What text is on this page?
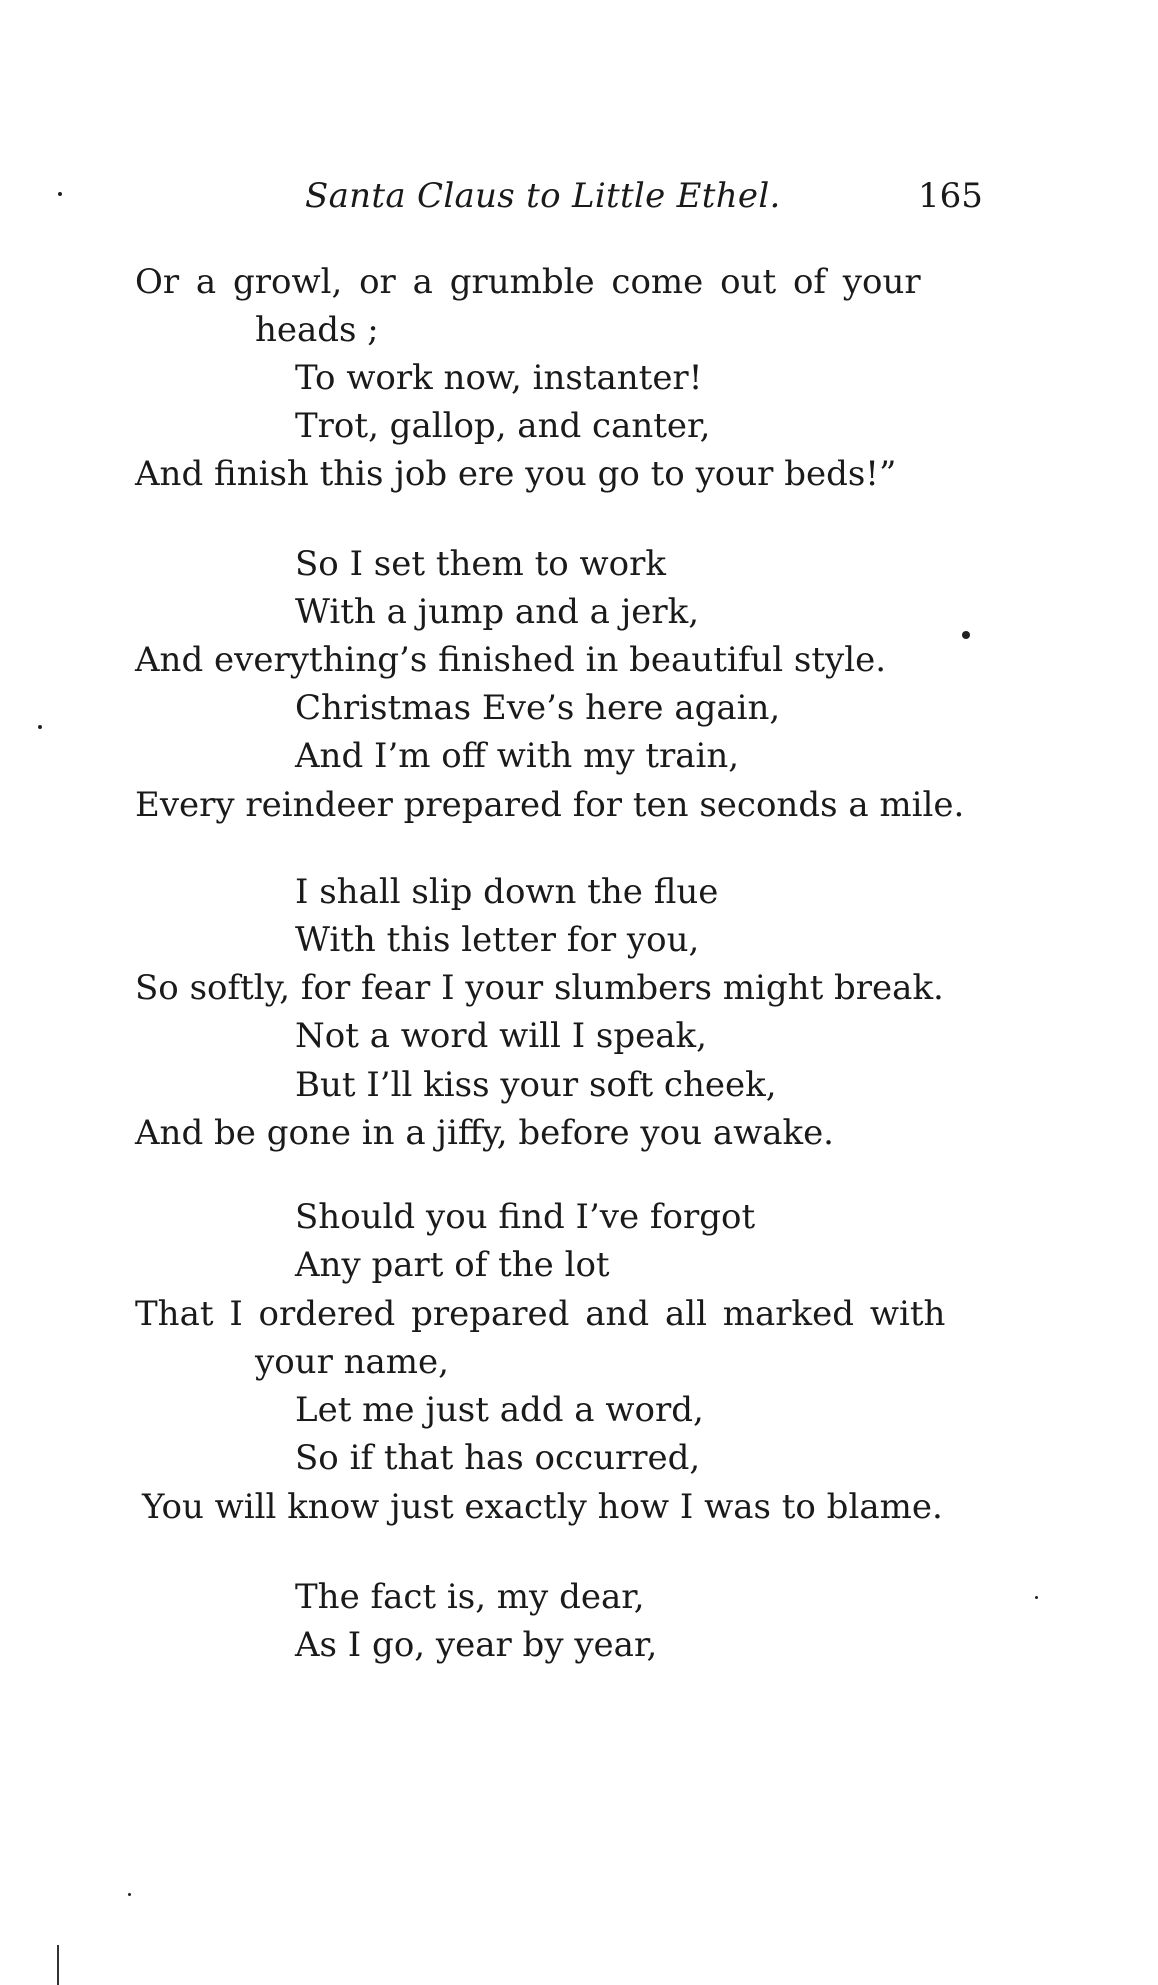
Santa Claus to Little Ethel.	165
Or a growl, or a grumble come out of your
heads ;
To work now, instanter!
Trot, gallop, and canter,
And finish this job ere you go to your beds!”
So I set them to work
With a jump and a jerk,
And everything’s finished in beautiful style.
Christmas Eve’s here again,
And I’m off with my train,
Every reindeer prepared for ten seconds a mile.
I shall slip down the flue
With this letter for you,
So softly, for fear I your slumbers might break.
Not a word will I speak,
But I’ll kiss your soft cheek,
And be gone in a jiffy, before you awake.
Should you find I’ve forgot
Any part of the lot
That I ordered prepared and all marked with
your name,
Let me just add a word,
So if that has occurred,
You will know just exactly how I was to blame.
The fact is, my dear,
As I go, year by year,
